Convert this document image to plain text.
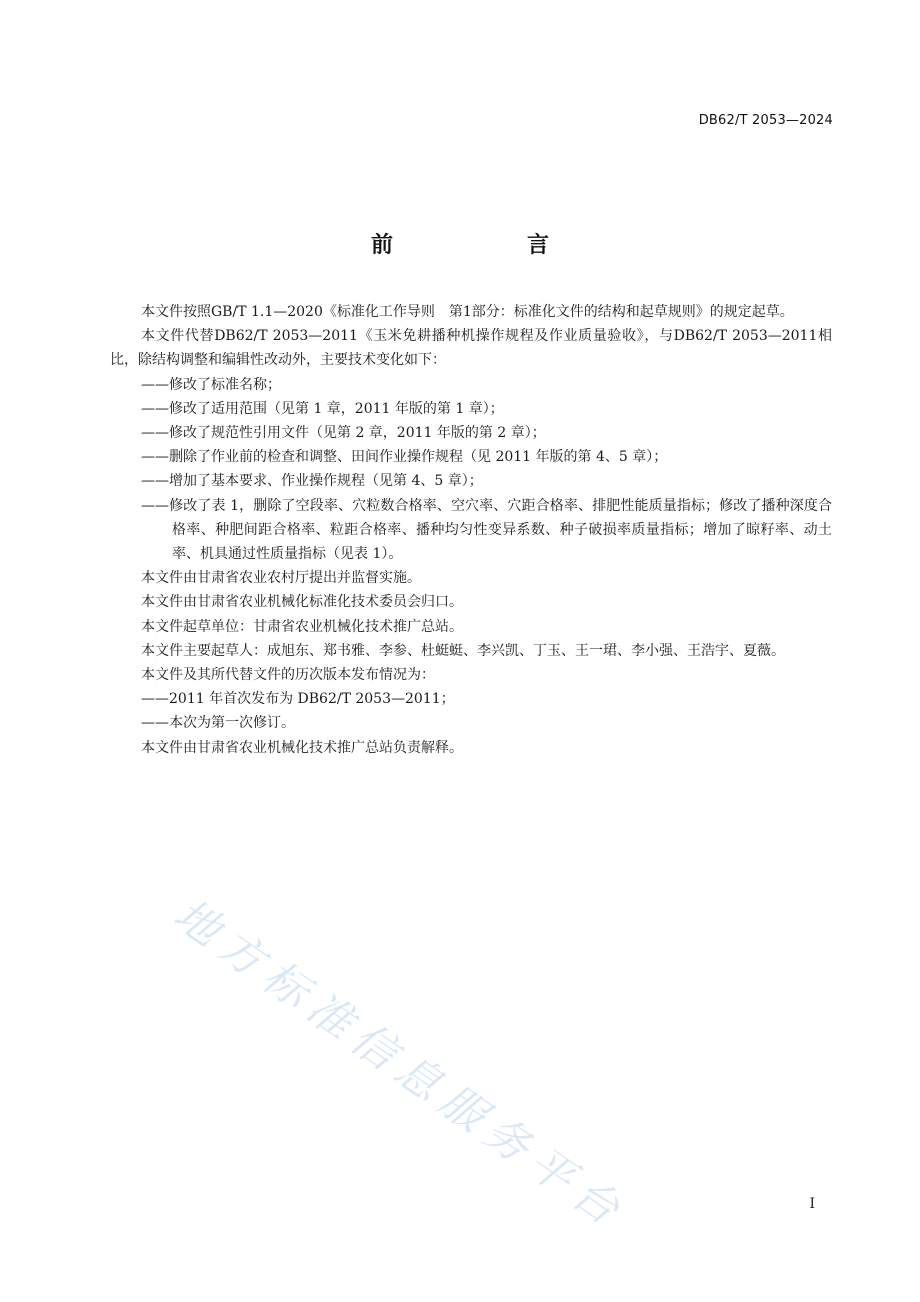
DB62/T 2053—2024
前　言

本文件按照GB/T 1.1—2020《标准化工作导则　第1部分：标准化文件的结构和起草规则》的规定起草。

本文件代替DB62/T 2053—2011《玉米免耕播种机操作规程及作业质量验收》，与DB62/T 2053—2011相比，除结构调整和编辑性改动外，主要技术变化如下：

——修改了标准名称；

——修改了适用范围（见第 1 章，2011 年版的第 1 章）；

——修改了规范性引用文件（见第 2 章，2011 年版的第 2 章）；

——删除了作业前的检查和调整、田间作业操作规程（见 2011 年版的第 4、5 章）；

——增加了基本要求、作业操作规程（见第 4、5 章）；

——修改了表 1，删除了空段率、穴粒数合格率、空穴率、穴距合格率、排肥性能质量指标；修改了播种深度合格率、种肥间距合格率、粒距合格率、播种均匀性变异系数、种子破损率质量指标；增加了晾籽率、动土率、机具通过性质量指标（见表 1）。

本文件由甘肃省农业农村厅提出并监督实施。

本文件由甘肃省农业机械化标准化技术委员会归口。

本文件起草单位：甘肃省农业机械化技术推广总站。

本文件主要起草人：成旭东、郑书雅、李参、杜蜓蜓、李兴凯、丁玉、王一珺、李小强、王浩宇、夏薇。

本文件及其所代替文件的历次版本发布情况为：

——2011 年首次发布为 DB62/T 2053—2011；

——本次为第一次修订。

本文件由甘肃省农业机械化技术推广总站负责解释。

地方标准信息服务平台	I
